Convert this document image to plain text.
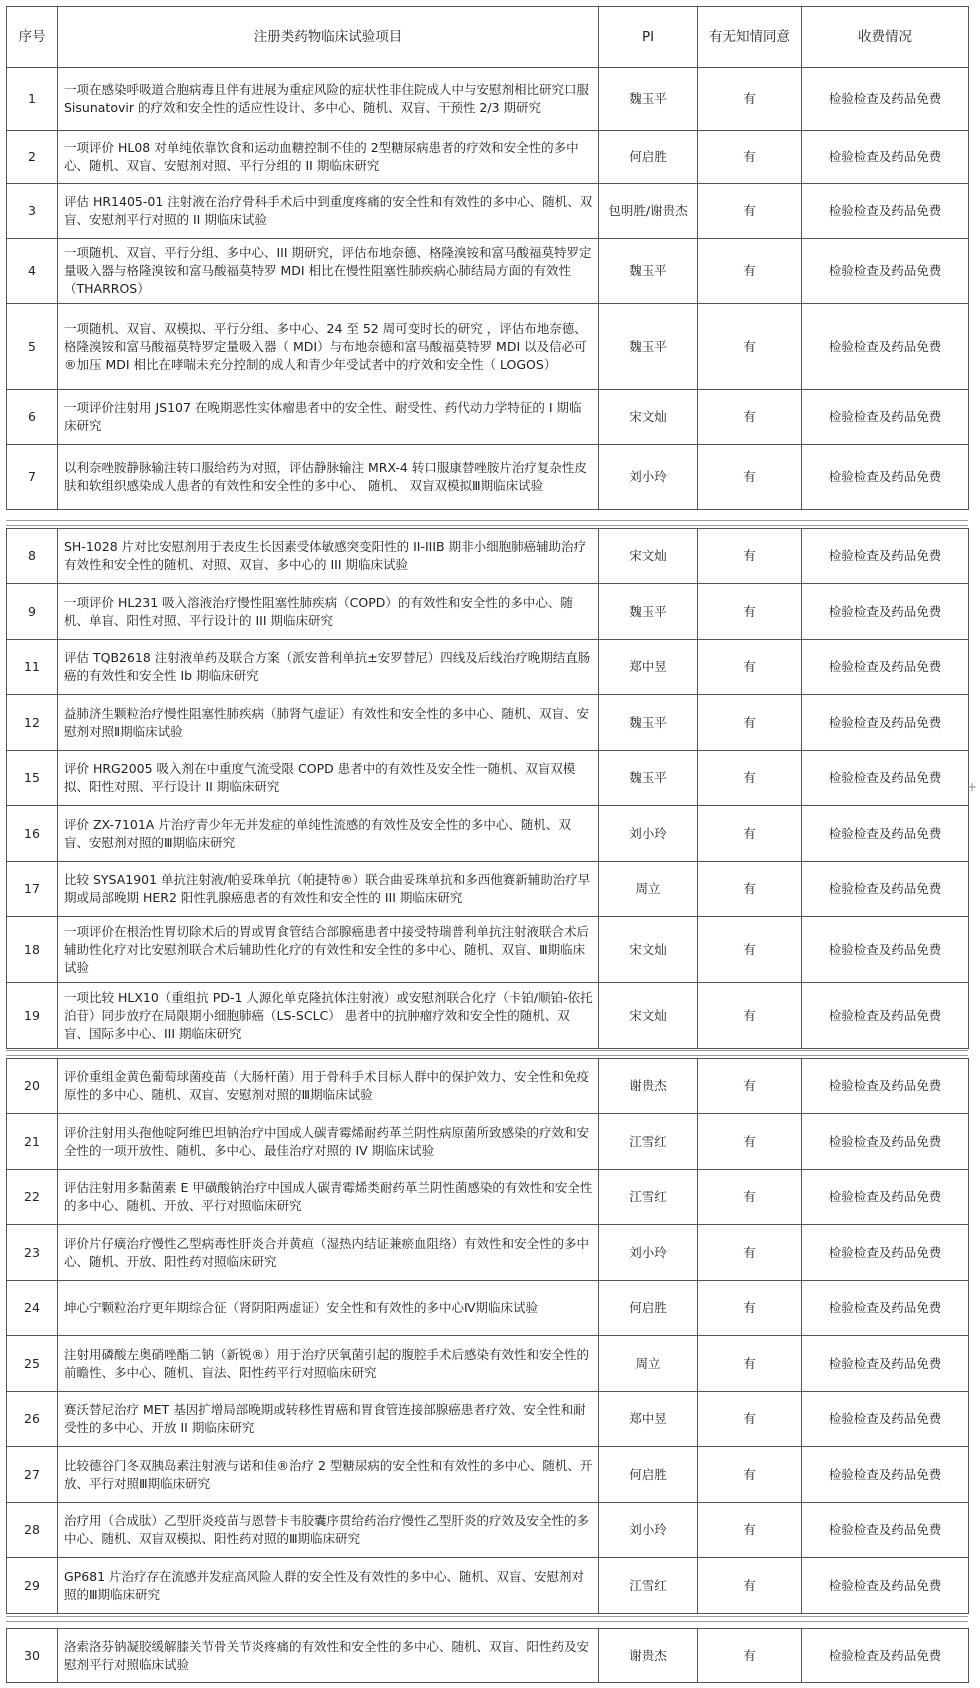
序号	注册类药物临床试验项目	PI	有无知情同意	收费情况
1	一项在感染呼吸道合胞病毒且伴有进展为重症风险的症状性非住院成人中与安慰剂相比研究口服 Sisunatovir 的疗效和安全性的适应性设计、多中心、随机、双盲、干预性 2/3 期研究	魏玉平	有	检验检查及药品免费
2	一项评价 HL08 对单纯依靠饮食和运动血糖控制不佳的 2型糖尿病患者的疗效和安全性的多中心、随机、双盲、安慰剂对照、平行分组的 II 期临床研究	何启胜	有	检验检查及药品免费
3	评估 HR1405-01 注射液在治疗骨科手术后中到重度疼痛的安全性和有效性的多中心、随机、双盲、安慰剂平行对照的 II 期临床试验	包明胜/谢贵杰	有	检验检查及药品免费
4	一项随机、双盲、平行分组、多中心、III 期研究，评估布地奈德、格隆溴铵和富马酸福莫特罗定量吸入器与格隆溴铵和富马酸福莫特罗 MDI 相比在慢性阻塞性肺疾病心肺结局方面的有效性（THARROS）	魏玉平	有	检验检查及药品免费
5	一项随机、双盲、双模拟、平行分组、多中心、24 至 52 周可变时长的研究 ，评估布地奈德、格隆溴铵和富马酸福莫特罗定量吸入器（ MDI）与布地奈德和富马酸福莫特罗 MDI 以及信必可 ®加压 MDI 相比在哮喘未充分控制的成人和青少年受试者中的疗效和安全性（ LOGOS）	魏玉平	有	检验检查及药品免费
6	一项评价注射用 JS107 在晚期恶性实体瘤患者中的安全性、耐受性、药代动力学特征的 I 期临床研究	宋文灿	有	检验检查及药品免费
7	以利奈唑胺静脉输注转口服给药为对照，评估静脉输注 MRX-4 转口服康替唑胺片治疗复杂性皮肤和软组织感染成人患者的有效性和安全性的多中心、 随机、 双盲双模拟Ⅲ期临床试验	刘小玲	有	检验检查及药品免费
8	SH-1028 片对比安慰剂用于表皮生长因素受体敏感突变阳性的 II-IIIB 期非小细胞肺癌辅助治疗有效性和安全性的随机、对照、双盲、多中心的 III 期临床试验	宋文灿	有	检验检查及药品免费
9	一项评价 HL231 吸入溶液治疗慢性阻塞性肺疾病（COPD）的有效性和安全性的多中心、随机、单盲、阳性对照、平行设计的 III 期临床研究	魏玉平	有	检验检查及药品免费
11	评估 TQB2618 注射液单药及联合方案（派安普利单抗±安罗替尼）四线及后线治疗晚期结直肠癌的有效性和安全性 Ib 期临床研究	郑中昱	有	检验检查及药品免费
12	益肺济生颗粒治疗慢性阻塞性肺疾病（肺肾气虚证）有效性和安全性的多中心、随机、双盲、安慰剂对照Ⅱ期临床试验	魏玉平	有	检验检查及药品免费
15	评价 HRG2005 吸入剂在中重度气流受限 COPD 患者中的有效性及安全性一随机、双盲双模拟、阳性对照、平行设计 II 期临床研究	魏玉平	有	检验检查及药品免费
16	评价 ZX-7101A 片治疗青少年无并发症的单纯性流感的有效性及安全性的多中心、随机、双盲、安慰剂对照的Ⅲ期临床研究	刘小玲	有	检验检查及药品免费
17	比较 SYSA1901 单抗注射液/帕妥珠单抗（帕捷特®）联合曲妥珠单抗和多西他赛新辅助治疗早期或局部晚期 HER2 阳性乳腺癌患者的有效性和安全性的 III 期临床研究	周立	有	检验检查及药品免费
18	一项评价在根治性胃切除术后的胃或胃食管结合部腺癌患者中接受特瑞普利单抗注射液联合术后辅助性化疗对比安慰剂联合术后辅助性化疗的有效性和安全性的多中心、随机、双盲、Ⅲ期临床试验	宋文灿	有	检验检查及药品免费
19	一项比较 HLX10（重组抗 PD-1 人源化单克隆抗体注射液）或安慰剂联合化疗（卡铂/顺铂-依托泊苷）同步放疗在局限期小细胞肺癌（LS-SCLC） 患者中的抗肿瘤疗效和安全性的随机、双盲、国际多中心、III 期临床研究	宋文灿	有	检验检查及药品免费
20	评价重组金黄色葡萄球菌疫苗（大肠杆菌）用于骨科手术目标人群中的保护效力、安全性和免疫原性的多中心、随机、双盲、安慰剂对照的Ⅲ期临床试验	谢贵杰	有	检验检查及药品免费
21	评价注射用头孢他啶阿维巴坦钠治疗中国成人碳青霉烯耐药革兰阴性病原菌所致感染的疗效和安全性的一项开放性、随机、多中心、最佳治疗对照的 IV 期临床试验	江雪红	有	检验检查及药品免费
22	评估注射用多黏菌素 E 甲磺酸钠治疗中国成人碳青霉烯类耐药革兰阴性菌感染的有效性和安全性的多中心、随机、开放、平行对照临床研究	江雪红	有	检验检查及药品免费
23	评价片仔癀治疗慢性乙型病毒性肝炎合并黄疸（湿热内结证兼瘀血阻络）有效性和安全性的多中心、随机、开放、阳性药对照临床研究	刘小玲	有	检验检查及药品免费
24	坤心宁颗粒治疗更年期综合征（肾阴阳两虚证）安全性和有效性的多中心Ⅳ期临床试验	何启胜	有	检验检查及药品免费
25	注射用磷酸左奥硝唑酯二钠（新锐®）用于治疗厌氧菌引起的腹腔手术后感染有效性和安全性的前瞻性、多中心、随机、盲法、阳性药平行对照临床研究	周立	有	检验检查及药品免费
26	赛沃替尼治疗 MET 基因扩增局部晚期或转移性胃癌和胃食管连接部腺癌患者疗效、安全性和耐受性的多中心、开放 II 期临床研究	郑中昱	有	检验检查及药品免费
27	比较德谷门冬双胰岛素注射液与诺和佳®治疗 2 型糖尿病的安全性和有效性的多中心、随机、开放、平行对照Ⅲ期临床研究	何启胜	有	检验检查及药品免费
28	治疗用（合成肽）乙型肝炎疫苗与恩替卡韦胶囊序贯给药治疗慢性乙型肝炎的疗效及安全性的多中心、随机、双盲双模拟、阳性药对照的Ⅲ期临床研究	刘小玲	有	检验检查及药品免费
29	GP681 片治疗存在流感并发症高风险人群的安全性及有效性的多中心、随机、双盲、安慰剂对照的Ⅲ期临床研究	江雪红	有	检验检查及药品免费
30	洛索洛芬钠凝胶缓解膝关节骨关节炎疼痛的有效性和安全性的多中心、随机、双盲、阳性药及安慰剂平行对照临床试验	谢贵杰	有	检验检查及药品免费
+
